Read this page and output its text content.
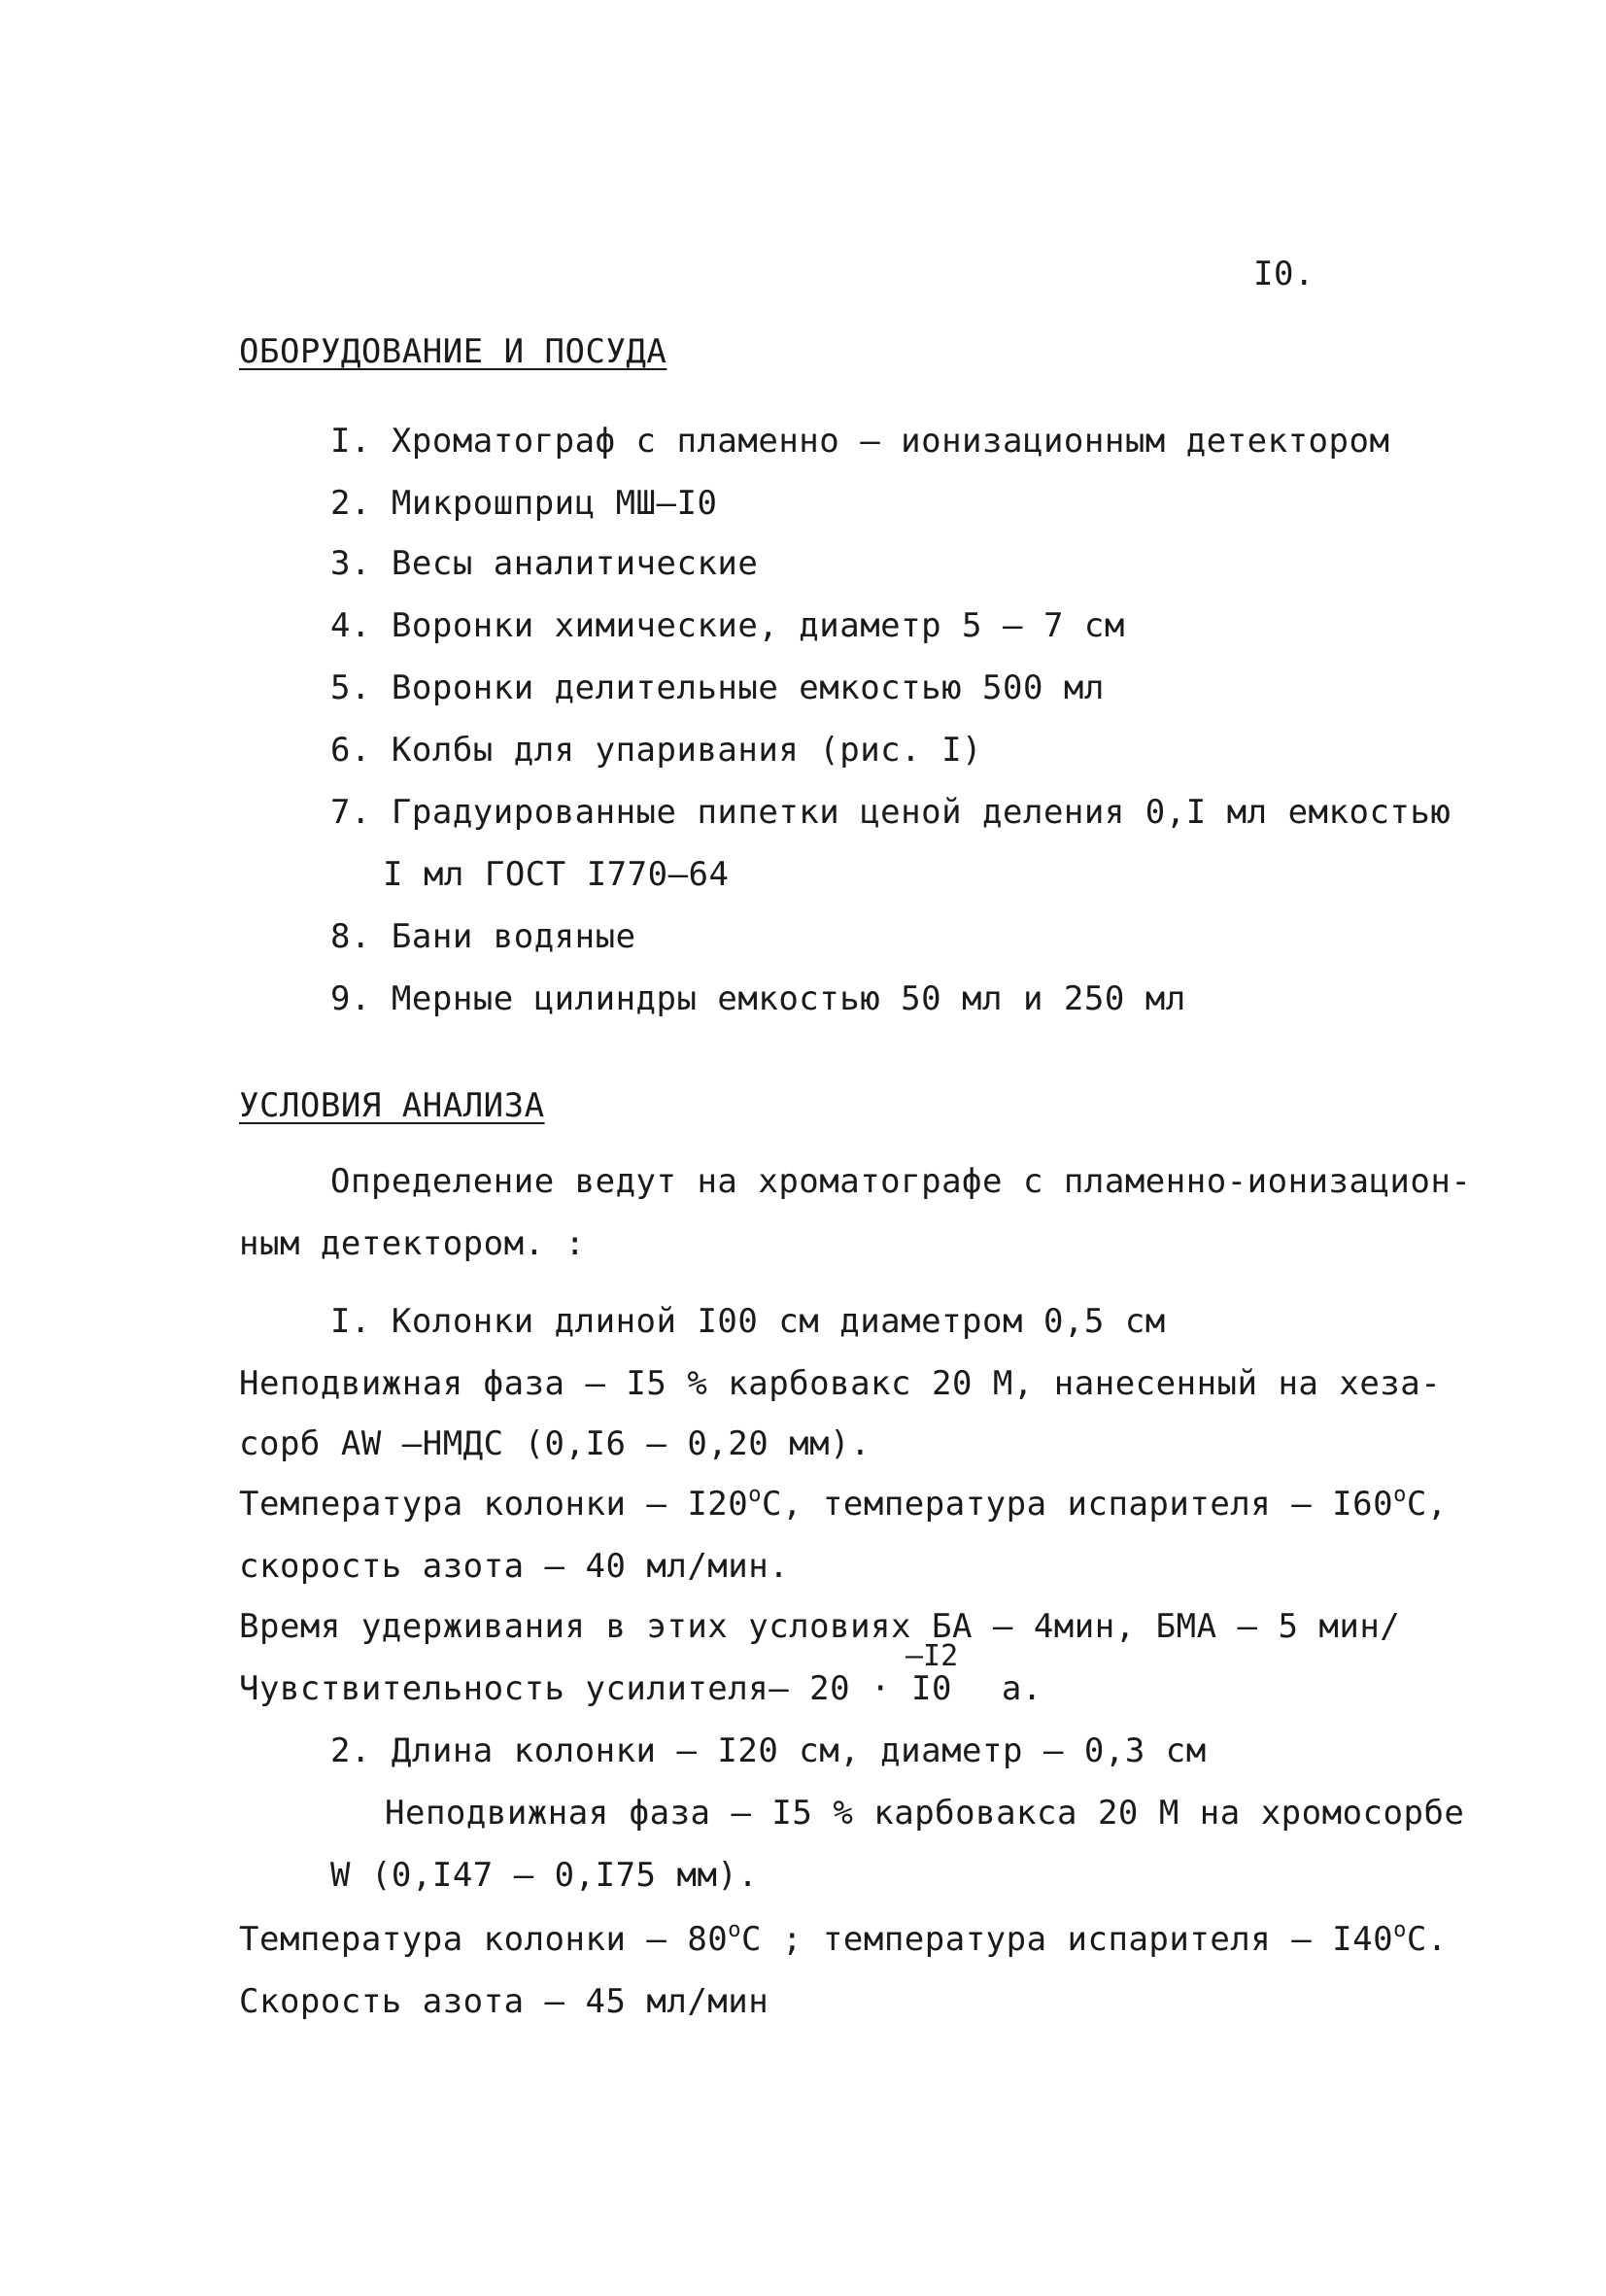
I0.
ОБОРУДОВАНИЕ И ПОСУДА
I. Хроматограф с пламенно – ионизационным детектором
2. Микрошприц МШ–I0
3. Весы аналитические
4. Воронки химические, диаметр 5 – 7 см
5. Воронки делительные емкостью 500 мл
6. Колбы для упаривания (рис. I)
7. Градуированные пипетки ценой деления 0,I мл емкостью
I мл ГОСТ I770–64
8. Бани водяные
9. Мерные цилиндры емкостью 50 мл и 250 мл
УСЛОВИЯ АНАЛИЗА
Определение ведут на хроматографе с пламенно-ионизацион-
ным детектором. :
I. Колонки длиной I00 см диаметром 0,5 см
Неподвижная фаза – I5 % карбовакс 20 М, нанесенный на хеза-
сорб AW –НМДС (0,I6 – 0,20 мм).
Температура колонки – I20$^o$С, температура испарителя – I60$^o$С,
скорость азота – 40 мл/мин.
Время удерживания в этих условиях БА – 4мин, БМА – 5 мин/
–I2
Чувствительность усилителя– 20 · I0 а.
2. Длина колонки – I20 см, диаметр – 0,3 см
Неподвижная фаза – I5 % карбовакса 20 М на хромосорбе
W (0,I47 – 0,I75 мм).
Температура колонки – 80$^o$С ; температура испарителя – I40$^o$С.
Скорость азота – 45 мл/мин
